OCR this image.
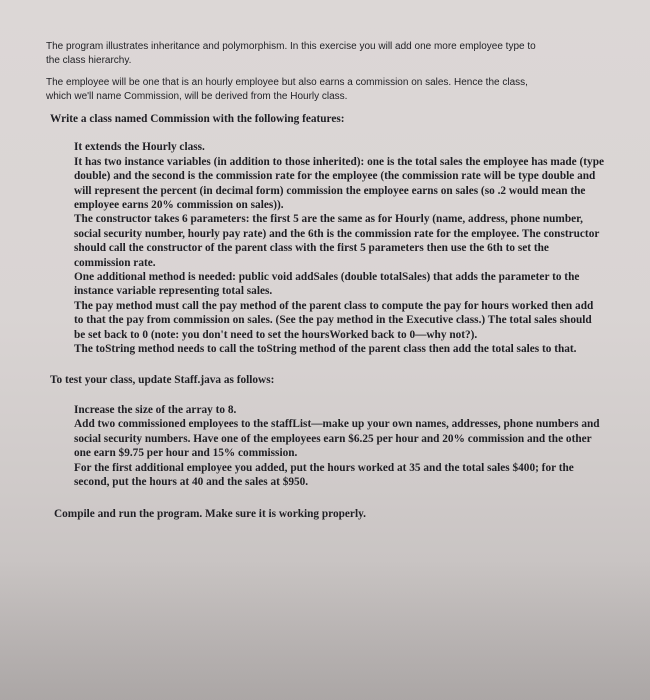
The program illustrates inheritance and polymorphism. In this exercise you will add one more employee type to the class hierarchy.

The employee will be one that is an hourly employee but also earns a commission on sales. Hence the class, which we'll name Commission, will be derived from the Hourly class.

Write a class named Commission with the following features:

It extends the Hourly class.

It has two instance variables (in addition to those inherited): one is the total sales the employee has made (type double) and the second is the commission rate for the employee (the commission rate will be type double and will represent the percent (in decimal form) commission the employee earns on sales (so .2 would mean the employee earns 20% commission on sales)).

The constructor takes 6 parameters: the first 5 are the same as for Hourly (name, address, phone number, social security number, hourly pay rate) and the 6th is the commission rate for the employee. The constructor should call the constructor of the parent class with the first 5 parameters then use the 6th to set the commission rate.

One additional method is needed: public void addSales (double totalSales) that adds the parameter to the instance variable representing total sales.

The pay method must call the pay method of the parent class to compute the pay for hours worked then add to that the pay from commission on sales. (See the pay method in the Executive class.) The total sales should be set back to 0 (note: you don't need to set the hoursWorked back to 0—why not?).

The toString method needs to call the toString method of the parent class then add the total sales to that.

To test your class, update Staff.java as follows:

Increase the size of the array to 8.

Add two commissioned employees to the staffList—make up your own names, addresses, phone numbers and social security numbers. Have one of the employees earn $6.25 per hour and 20% commission and the other one earn $9.75 per hour and 15% commission.

For the first additional employee you added, put the hours worked at 35 and the total sales $400; for the second, put the hours at 40 and the sales at $950.

Compile and run the program. Make sure it is working properly.
